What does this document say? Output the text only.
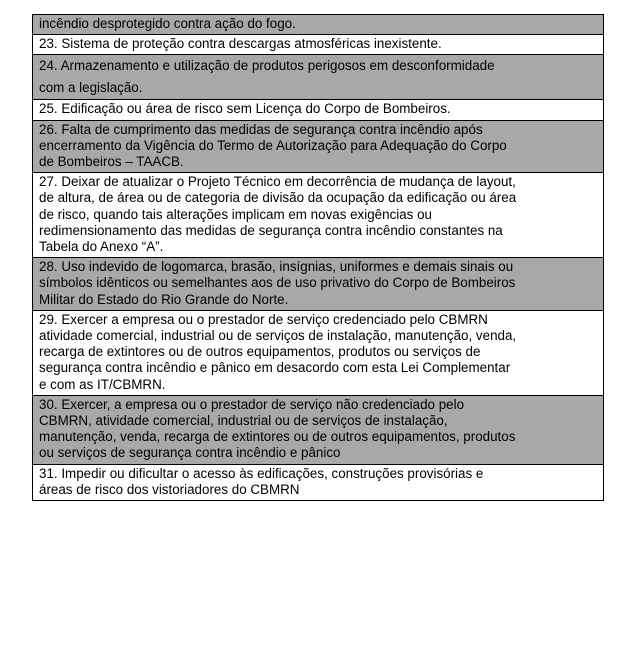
incêndio desprotegido contra ação do fogo.
23. Sistema de proteção contra descargas atmosféricas inexistente.
24. Armazenamento e utilização de produtos perigosos em desconformidade
com a legislação.
25. Edificação ou área de risco sem Licença do Corpo de Bombeiros.
26. Falta de cumprimento das medidas de segurança contra incêndio após
encerramento da Vigência do Termo de Autorização para Adequação do Corpo
de Bombeiros – TAACB.
27. Deixar de atualizar o Projeto Técnico em decorrência de mudança de layout,
de altura, de área ou de categoria de divisão da ocupação da edificação ou área
de risco, quando tais alterações implicam em novas exigências ou
redimensionamento das medidas de segurança contra incêndio constantes na
Tabela do Anexo “A”.
28. Uso indevido de logomarca, brasão, insígnias, uniformes e demais sinais ou
símbolos idênticos ou semelhantes aos de uso privativo do Corpo de Bombeiros
Militar do Estado do Rio Grande do Norte.
29. Exercer a empresa ou o prestador de serviço credenciado pelo CBMRN
atividade comercial, industrial ou de serviços de instalação, manutenção, venda,
recarga de extintores ou de outros equipamentos, produtos ou serviços de
segurança contra incêndio e pânico em desacordo com esta Lei Complementar
e com as IT/CBMRN.
30. Exercer, a empresa ou o prestador de serviço não credenciado pelo
CBMRN, atividade comercial, industrial ou de serviços de instalação,
manutenção, venda, recarga de extintores ou de outros equipamentos, produtos
ou serviços de segurança contra incêndio e pânico
31. Impedir ou dificultar o acesso às edificações, construções provisórias e
áreas de risco dos vistoriadores do CBMRN
